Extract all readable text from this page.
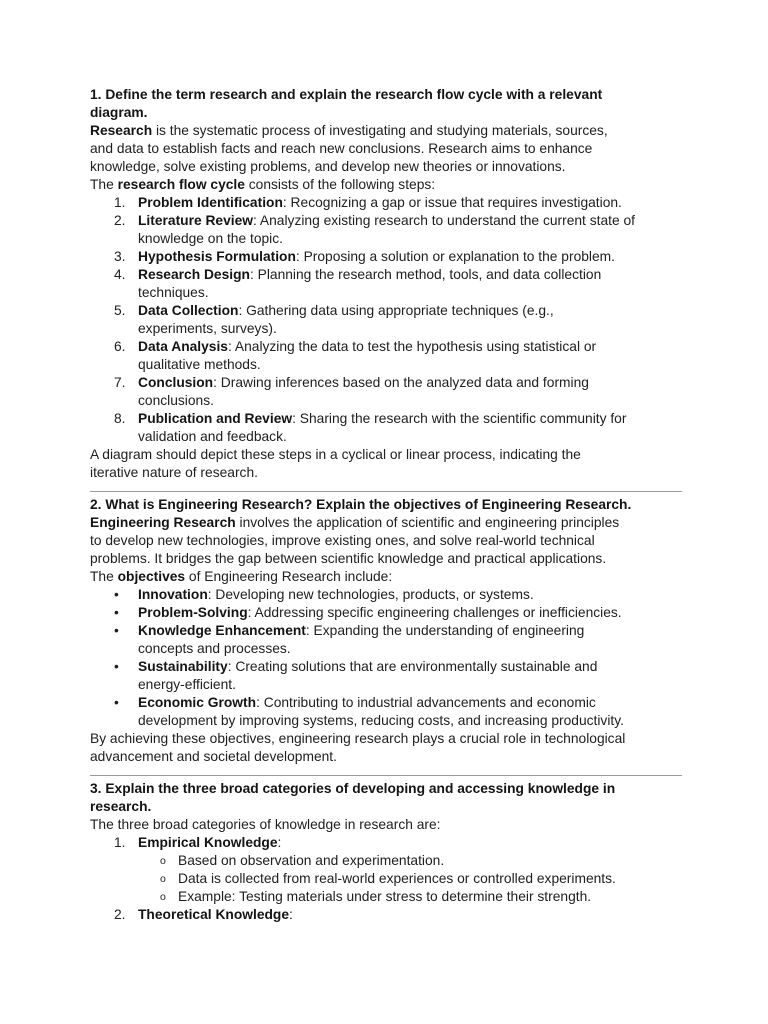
1. Define the term research and explain the research flow cycle with a relevant
diagram.
Research is the systematic process of investigating and studying materials, sources,
and data to establish facts and reach new conclusions. Research aims to enhance
knowledge, solve existing problems, and develop new theories or innovations.
The research flow cycle consists of the following steps:
1. Problem Identification: Recognizing a gap or issue that requires investigation.
2. Literature Review: Analyzing existing research to understand the current state of
knowledge on the topic.
3. Hypothesis Formulation: Proposing a solution or explanation to the problem.
4. Research Design: Planning the research method, tools, and data collection
techniques.
5. Data Collection: Gathering data using appropriate techniques (e.g.,
experiments, surveys).
6. Data Analysis: Analyzing the data to test the hypothesis using statistical or
qualitative methods.
7. Conclusion: Drawing inferences based on the analyzed data and forming
conclusions.
8. Publication and Review: Sharing the research with the scientific community for
validation and feedback.
A diagram should depict these steps in a cyclical or linear process, indicating the
iterative nature of research.
2. What is Engineering Research? Explain the objectives of Engineering Research.
Engineering Research involves the application of scientific and engineering principles
to develop new technologies, improve existing ones, and solve real-world technical
problems. It bridges the gap between scientific knowledge and practical applications.
The objectives of Engineering Research include:
• Innovation: Developing new technologies, products, or systems.
• Problem-Solving: Addressing specific engineering challenges or inefficiencies.
• Knowledge Enhancement: Expanding the understanding of engineering
concepts and processes.
• Sustainability: Creating solutions that are environmentally sustainable and
energy-efficient.
• Economic Growth: Contributing to industrial advancements and economic
development by improving systems, reducing costs, and increasing productivity.
By achieving these objectives, engineering research plays a crucial role in technological
advancement and societal development.
3. Explain the three broad categories of developing and accessing knowledge in
research.
The three broad categories of knowledge in research are:
1. Empirical Knowledge:
o Based on observation and experimentation.
o Data is collected from real-world experiences or controlled experiments.
o Example: Testing materials under stress to determine their strength.
2. Theoretical Knowledge:
